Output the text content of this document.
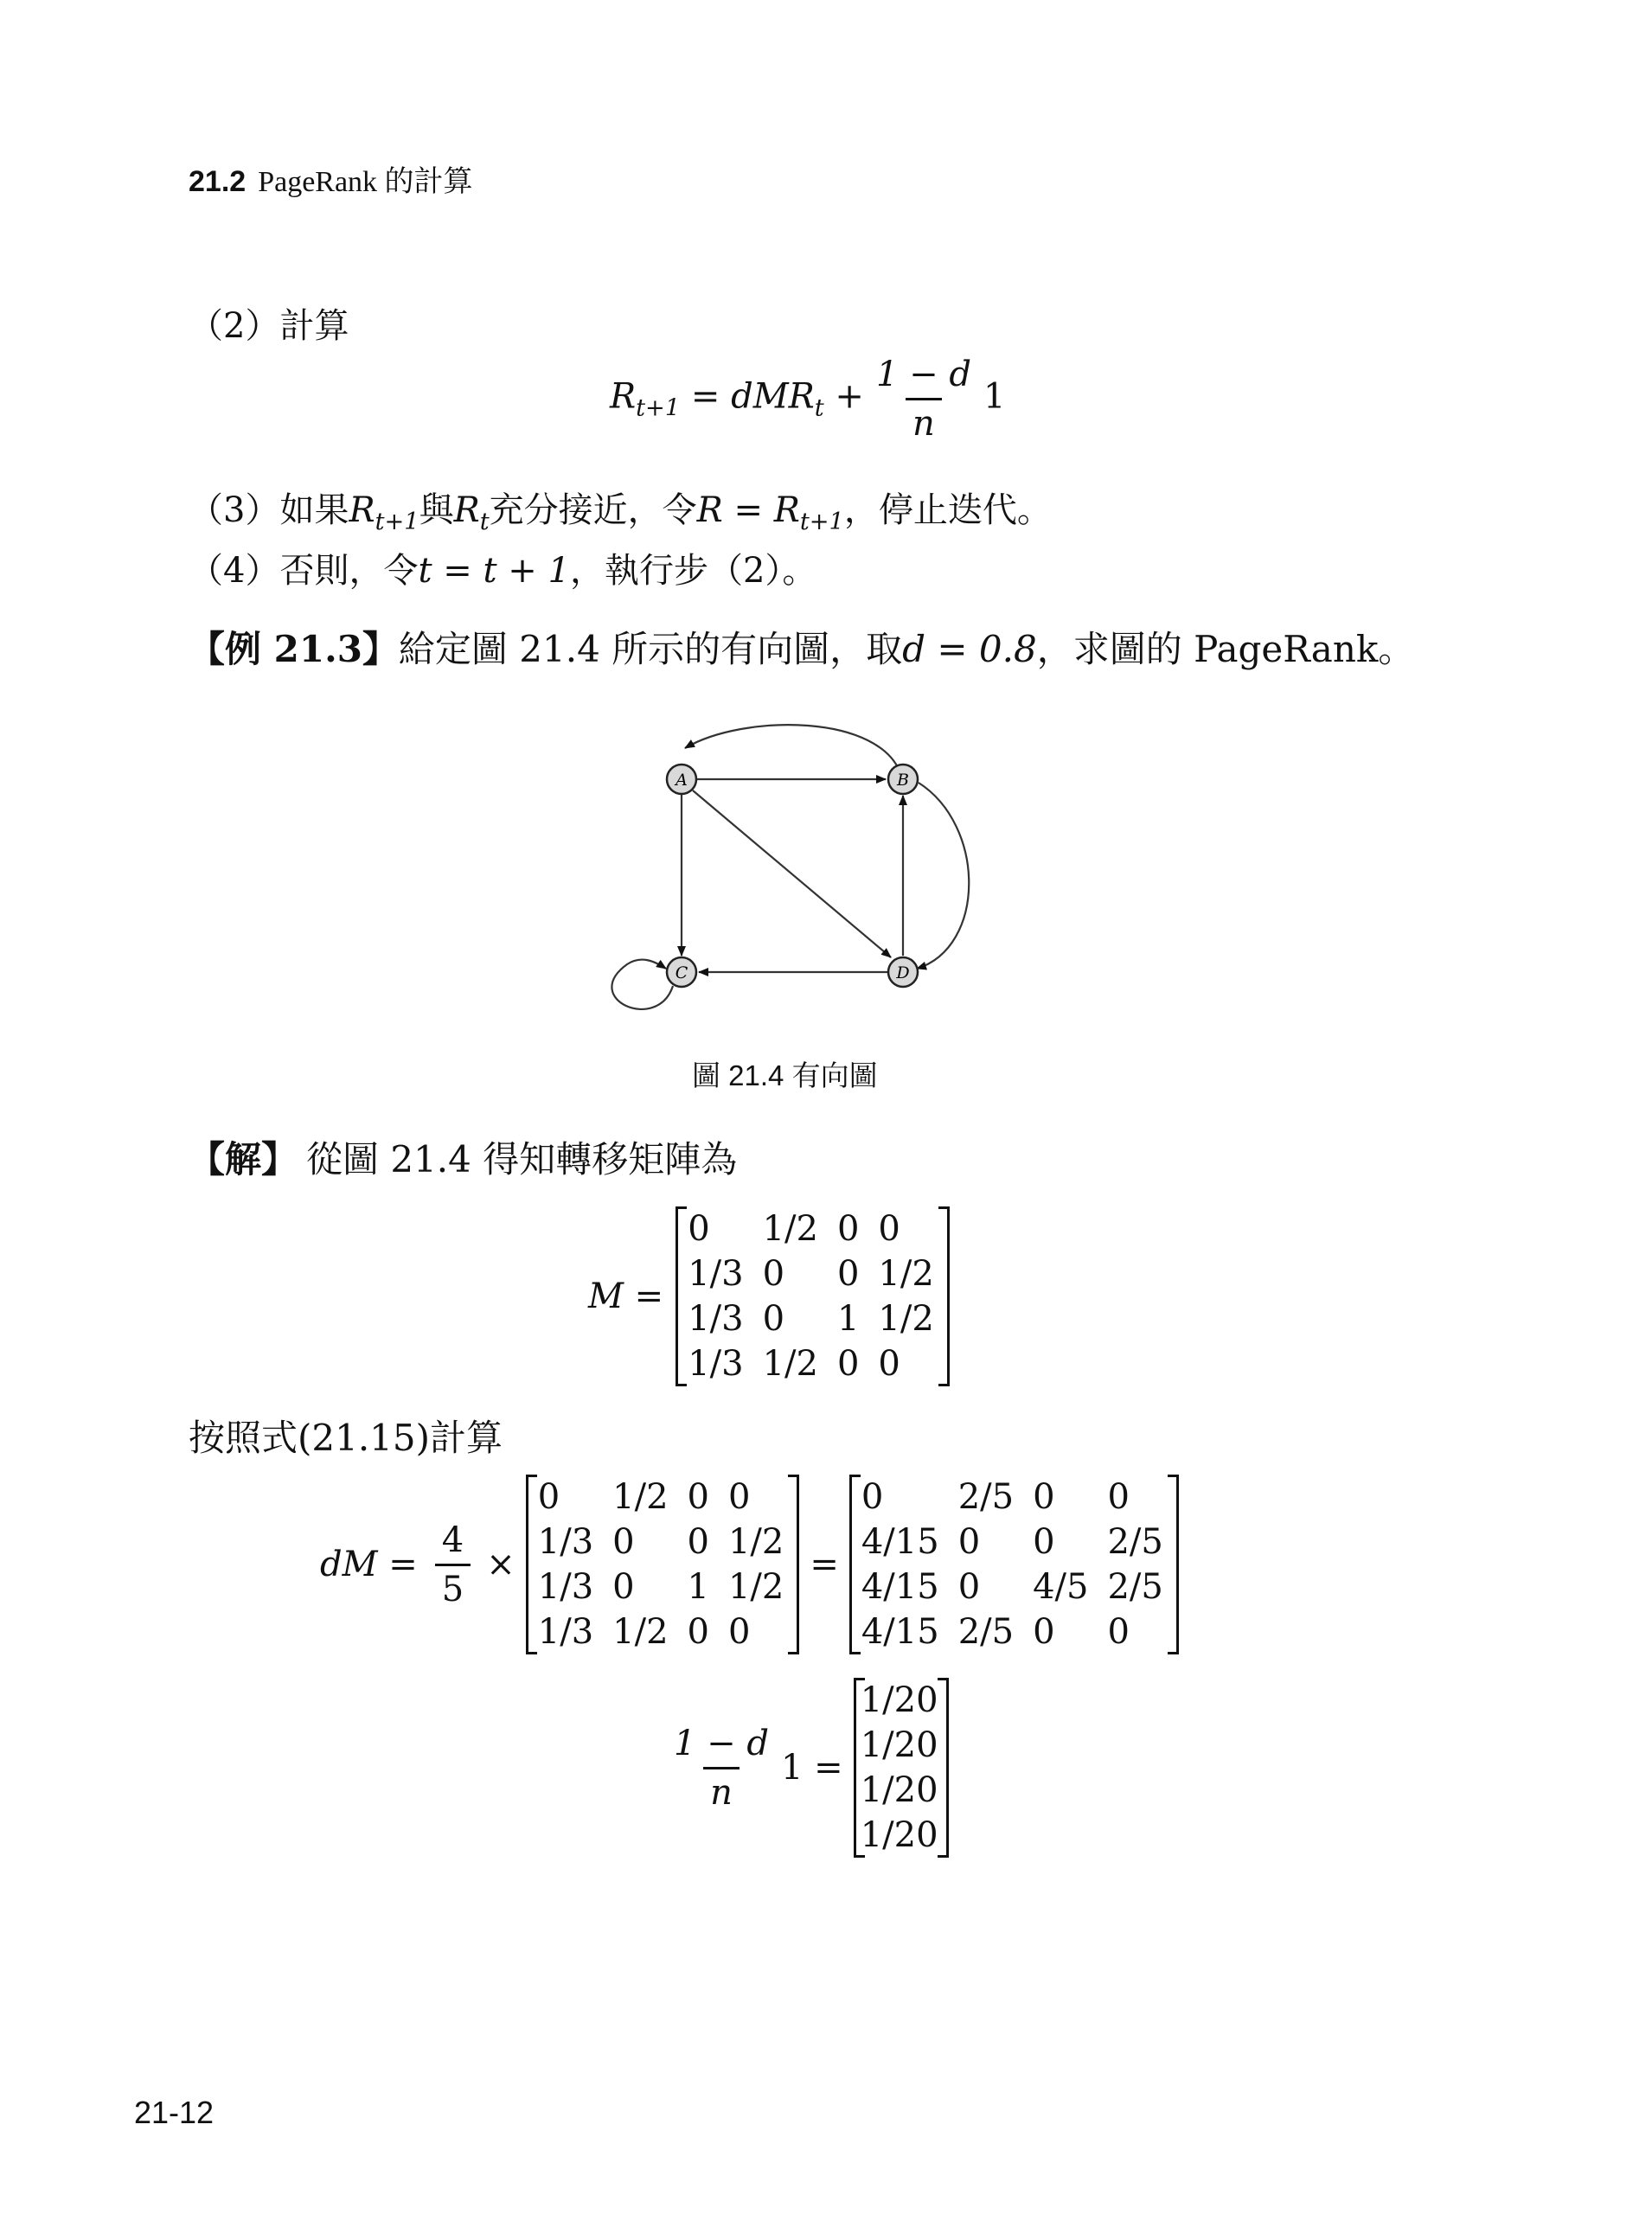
21.2 PageRank 的計算
（2）計算
$R_{t+1} = dMR_t + \frac{1 - d}{n} 1$
（3）如果$R_{t+1}$與$R_t$充分接近，令$R = R_{t+1}$，停止迭代。
（4）否則，令t = t + 1，執行步（2）。
【例 21.3】給定圖 21.4 所示的有向圖，取d = 0.8，求圖的 PageRank。
A	B
C	D
圖 21.4 有向圖
【解】 從圖 21.4 得知轉移矩陣為
M =
0	1/2	0	0
1/3	0	0	1/2
1/3	0	1	1/2
1/3	1/2	0	0
按照式(21.15)計算
dM = $\frac{4}{5}$ ×
0	1/2	0	0
1/3	0	0	1/2
1/3	0	1	1/2
1/3	1/2	0	0
=
0	2/5	0	0
4/15	0	0	2/5
4/15	0	4/5	2/5
4/15	2/5	0	0
$\frac{1 - d}{n} 1$ =
1/20
1/20
1/20
1/20
21-12
